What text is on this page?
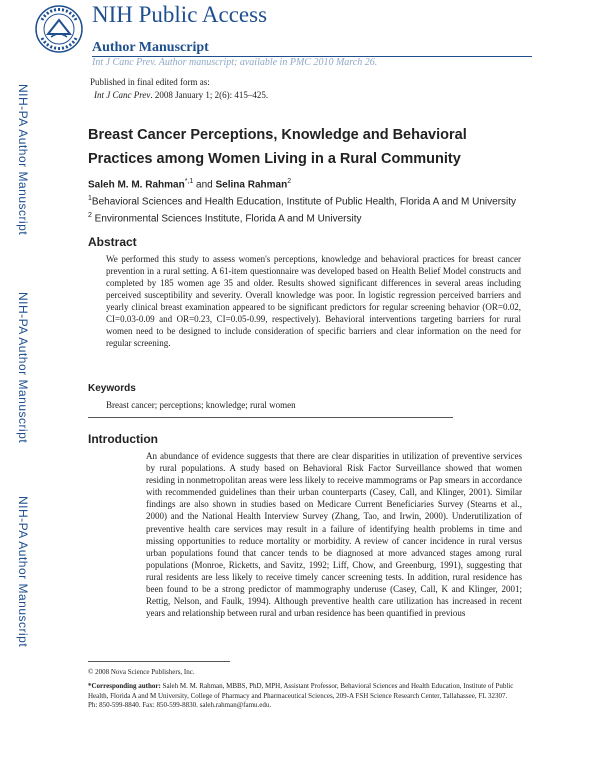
NIH-PA Author Manuscript
NIH-PA Author Manuscript
NIH-PA Author Manuscript
NIH Public Access
Author Manuscript
Int J Canc Prev. Author manuscript; available in PMC 2010 March 26.
Published in final edited form as:
Int J Canc Prev. 2008 January 1; 2(6): 415–425.
Breast Cancer Perceptions, Knowledge and Behavioral Practices among Women Living in a Rural Community
Saleh M. M. Rahman$^{*,1}$ and Selina Rahman$^2$
$^1$Behavioral Sciences and Health Education, Institute of Public Health, Florida A and M University
$^2$ Environmental Sciences Institute, Florida A and M University
Abstract
We performed this study to assess women's perceptions, knowledge and behavioral practices for breast cancer prevention in a rural setting. A 61-item questionnaire was developed based on Health Belief Model constructs and completed by 185 women age 35 and older. Results showed significant differences in several areas including perceived susceptibility and severity. Overall knowledge was poor. In logistic regression perceived barriers and yearly clinical breast examination appeared to be significant predictors for regular screening behavior (OR=0.02, CI=0.03-0.09 and OR=0.23, CI=0.05-0.99, respectively). Behavioral interventions targeting barriers for rural women need to be designed to include consideration of specific barriers and clear information on the need for regular screening.
Keywords
Breast cancer; perceptions; knowledge; rural women
Introduction
An abundance of evidence suggests that there are clear disparities in utilization of preventive services by rural populations. A study based on Behavioral Risk Factor Surveillance showed that women residing in nonmetropolitan areas were less likely to receive mammograms or Pap smears in accordance with recommended guidelines than their urban counterparts (Casey, Call, and Klinger, 2001). Similar findings are also shown in studies based on Medicare Current Beneficiaries Survey (Stearns et al., 2000) and the National Health Interview Survey (Zhang, Tao, and Irwin, 2000). Underutilization of preventive health care services may result in a failure of identifying health problems in time and missing opportunities to reduce mortality or morbidity. A review of cancer incidence in rural versus urban populations found that cancer tends to be diagnosed at more advanced stages among rural populations (Monroe, Ricketts, and Savitz, 1992; Liff, Chow, and Greenburg, 1991), suggesting that rural residents are less likely to receive timely cancer screening tests. In addition, rural residence has been found to be a strong predictor of mammography underuse (Casey, Call, K and Klinger, 2001; Rettig, Nelson, and Faulk, 1994). Although preventive health care utilization has increased in recent years and relationship between rural and urban residence has been quantified in previous
© 2008 Nova Science Publishers, Inc.
*Corresponding author: Saleh M. M. Rahman, MBBS, PhD, MPH, Assistant Professor, Behavioral Sciences and Health Education, Institute of Public Health, Florida A and M University, College of Pharmacy and Pharmaceutical Sciences, 209-A FSH Science Research Center, Tallahassee, FL 32307. Ph: 850-599-8840. Fax: 850-599-8830. saleh.rahman@famu.edu.
